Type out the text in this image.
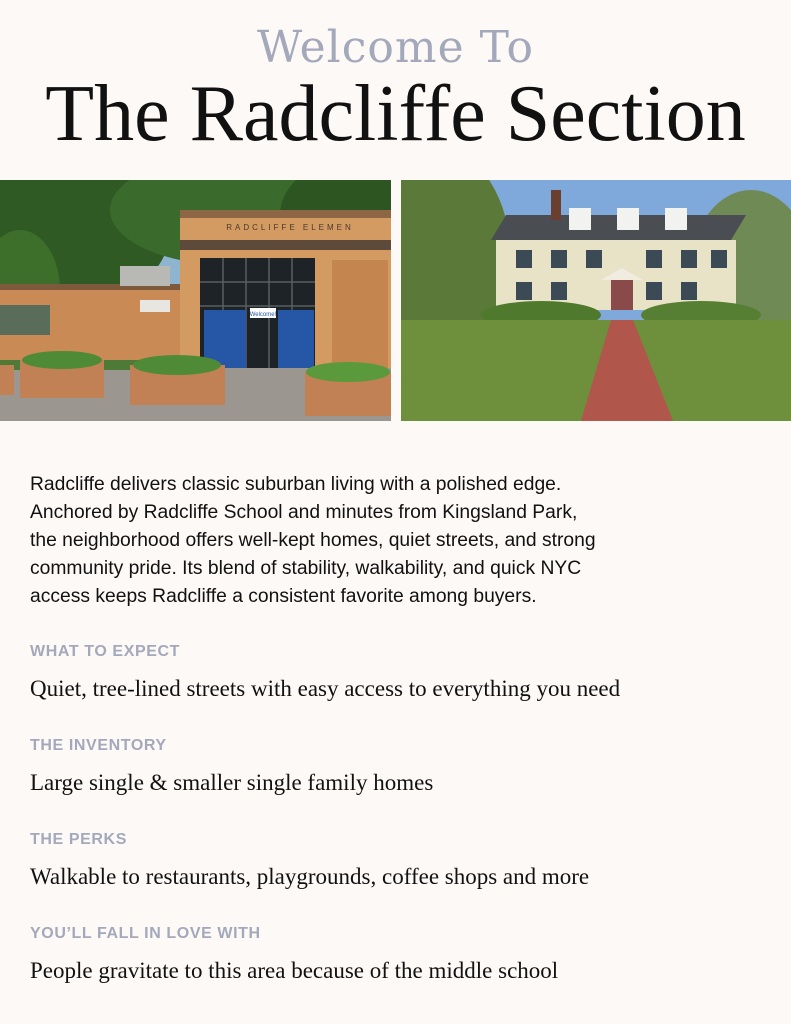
Welcome To
The Radcliffe Section
Welcome!
RADCLIFFE ELEMEN
Radcliffe delivers classic suburban living with a polished edge.
Anchored by Radcliffe School and minutes from Kingsland Park,
the neighborhood offers well-kept homes, quiet streets, and strong
community pride. Its blend of stability, walkability, and quick NYC
access keeps Radcliffe a consistent favorite among buyers.
WHAT TO EXPECT
Quiet, tree-lined streets with easy access to everything you need
THE INVENTORY
Large single & smaller single family homes
THE PERKS
Walkable to restaurants, playgrounds, coffee shops and more
YOU’LL FALL IN LOVE WITH
People gravitate to this area because of the middle school
